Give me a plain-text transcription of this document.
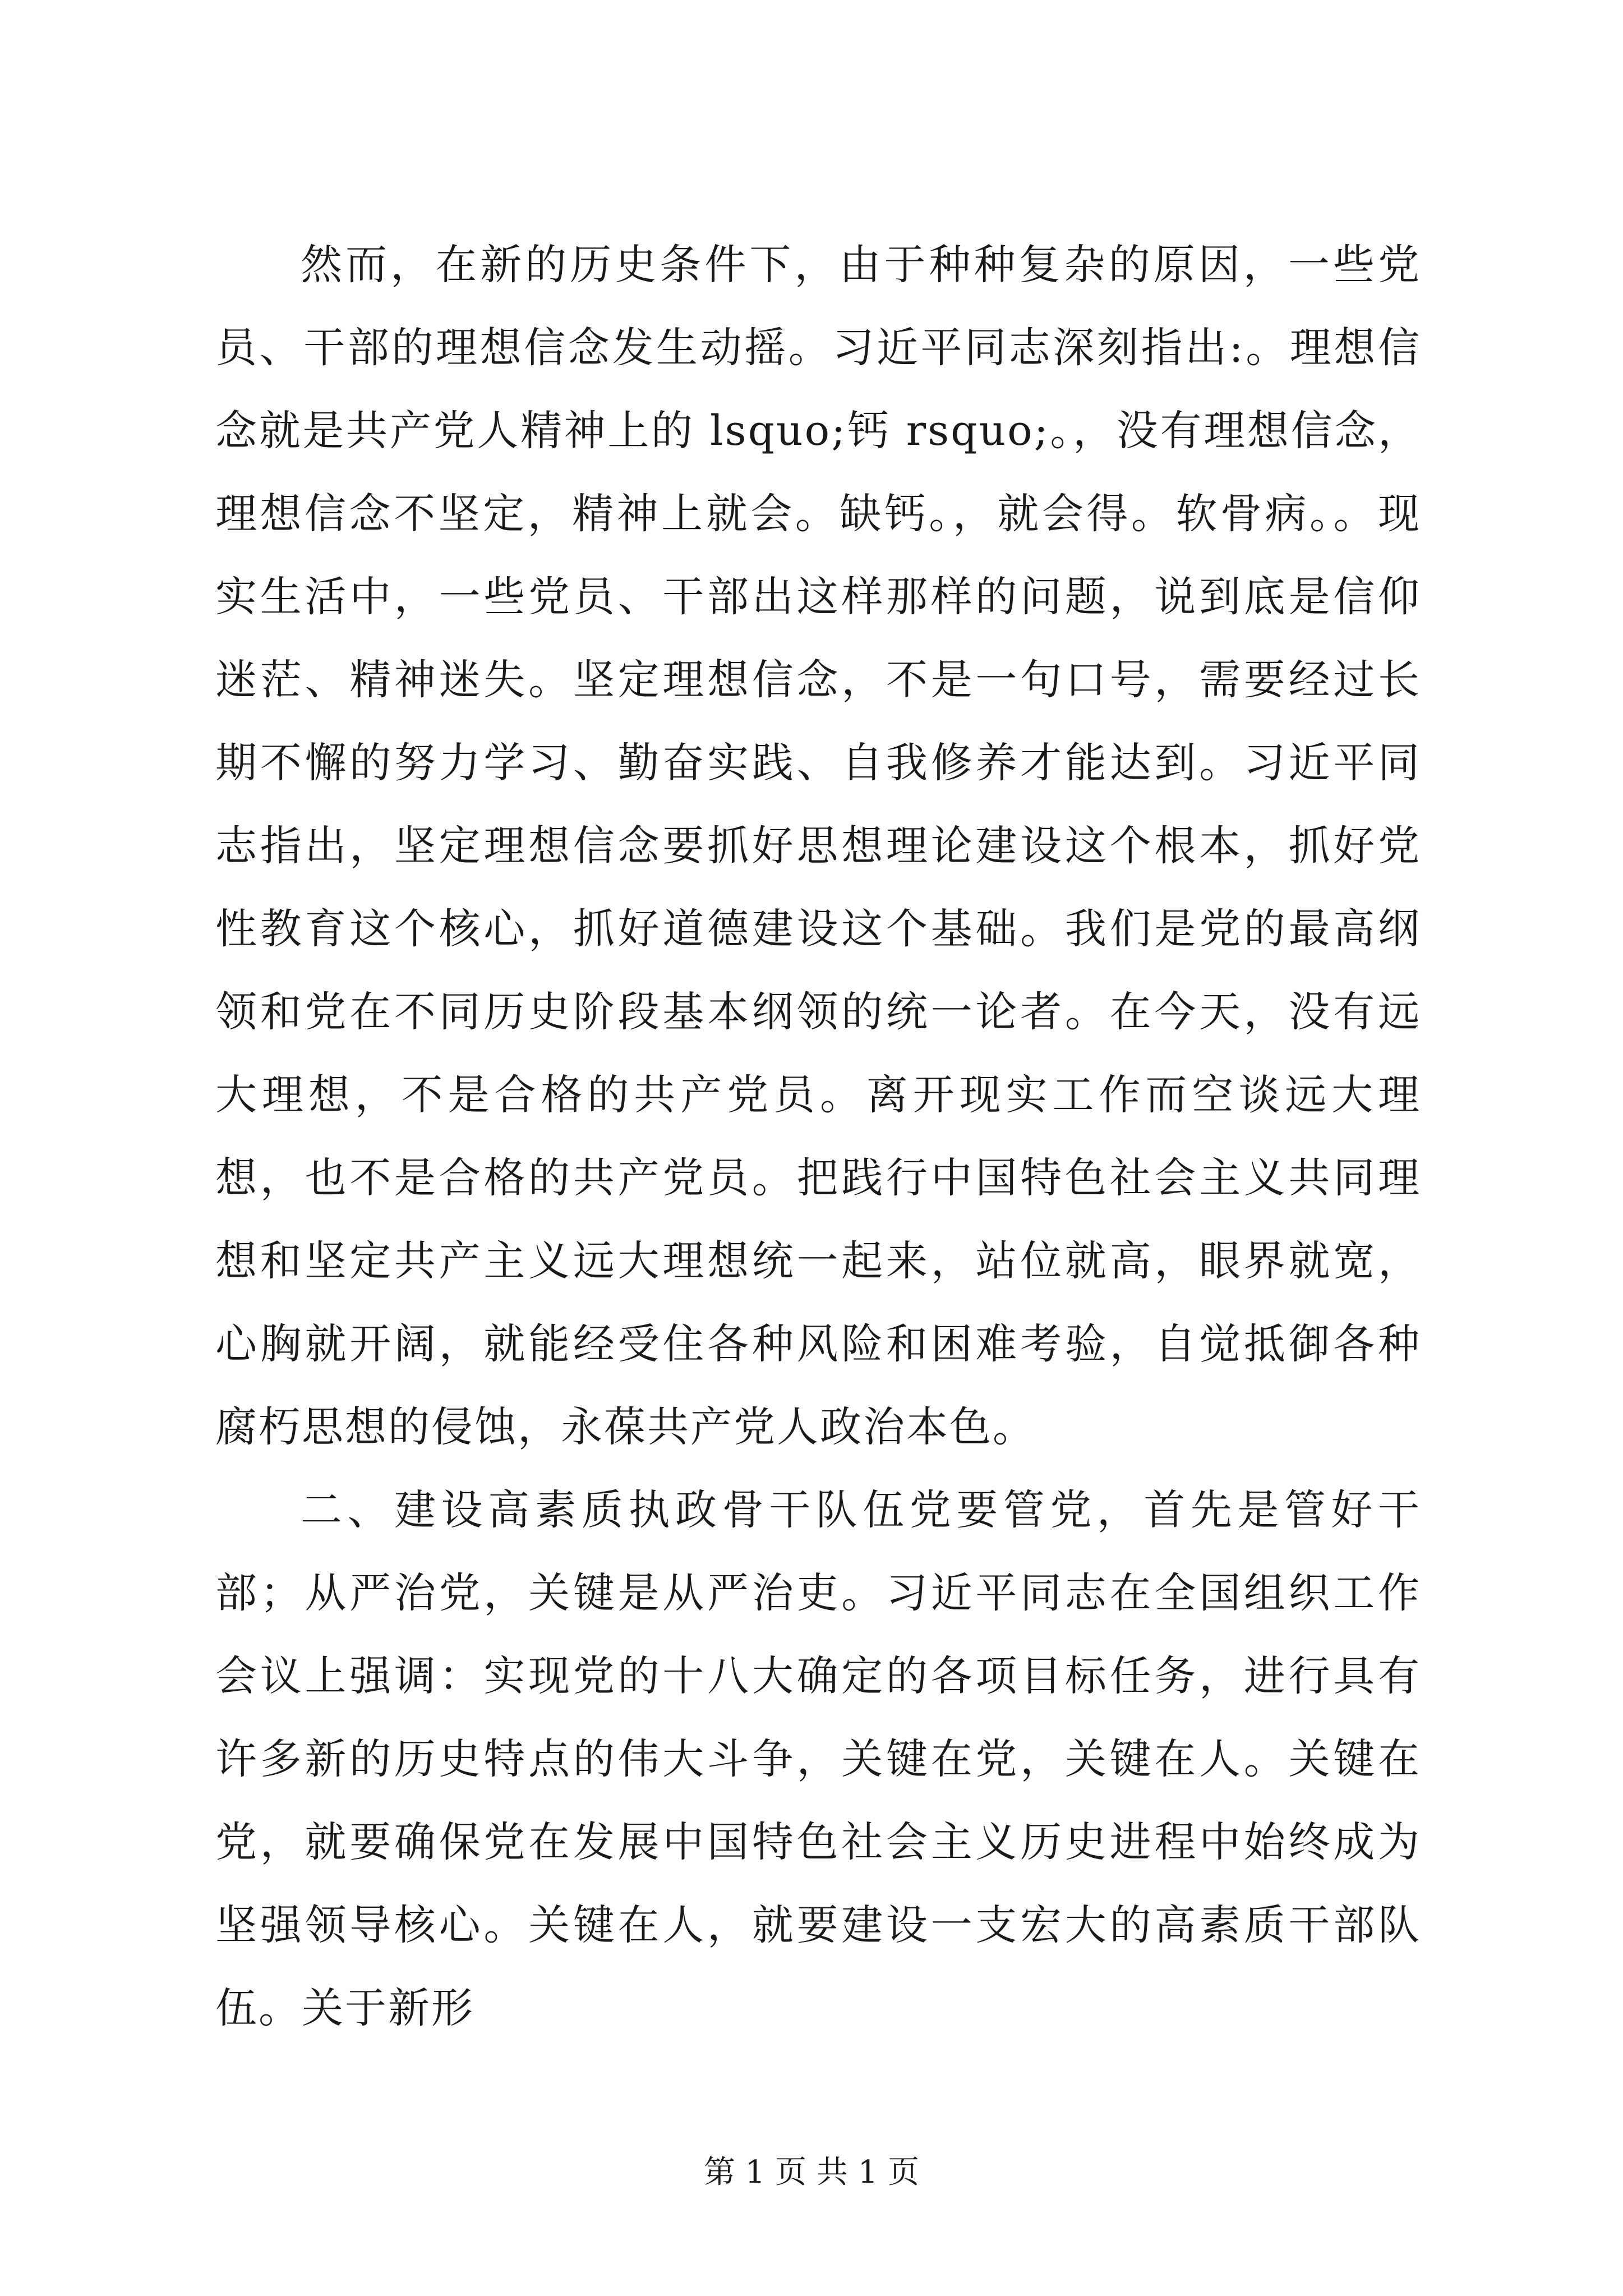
然而，在新的历史条件下，由于种种复杂的原因，一些党员、干部的理想信念发生动摇。习近平同志深刻指出:。理想信念就是共产党人精神上的 lsquo;钙 rsquo;。，没有理想信念，理想信念不坚定，精神上就会。缺钙。，就会得。软骨病。。现实生活中，一些党员、干部出这样那样的问题，说到底是信仰迷茫、精神迷失。坚定理想信念，不是一句口号，需要经过长期不懈的努力学习、勤奋实践、自我修养才能达到。习近平同志指出，坚定理想信念要抓好思想理论建设这个根本，抓好党性教育这个核心，抓好道德建设这个基础。我们是党的最高纲领和党在不同历史阶段基本纲领的统一论者。在今天，没有远大理想，不是合格的共产党员。离开现实工作而空谈远大理想，也不是合格的共产党员。把践行中国特色社会主义共同理想和坚定共产主义远大理想统一起来，站位就高，眼界就宽，心胸就开阔，就能经受住各种风险和困难考验，自觉抵御各种腐朽思想的侵蚀，永葆共产党人政治本色。

二、建设高素质执政骨干队伍党要管党，首先是管好干部；从严治党，关键是从严治吏。习近平同志在全国组织工作会议上强调：实现党的十八大确定的各项目标任务，进行具有许多新的历史特点的伟大斗争，关键在党，关键在人。关键在党，就要确保党在发展中国特色社会主义历史进程中始终成为坚强领导核心。关键在人，就要建设一支宏大的高素质干部队伍。关于新形

第 1 页 共 1 页
